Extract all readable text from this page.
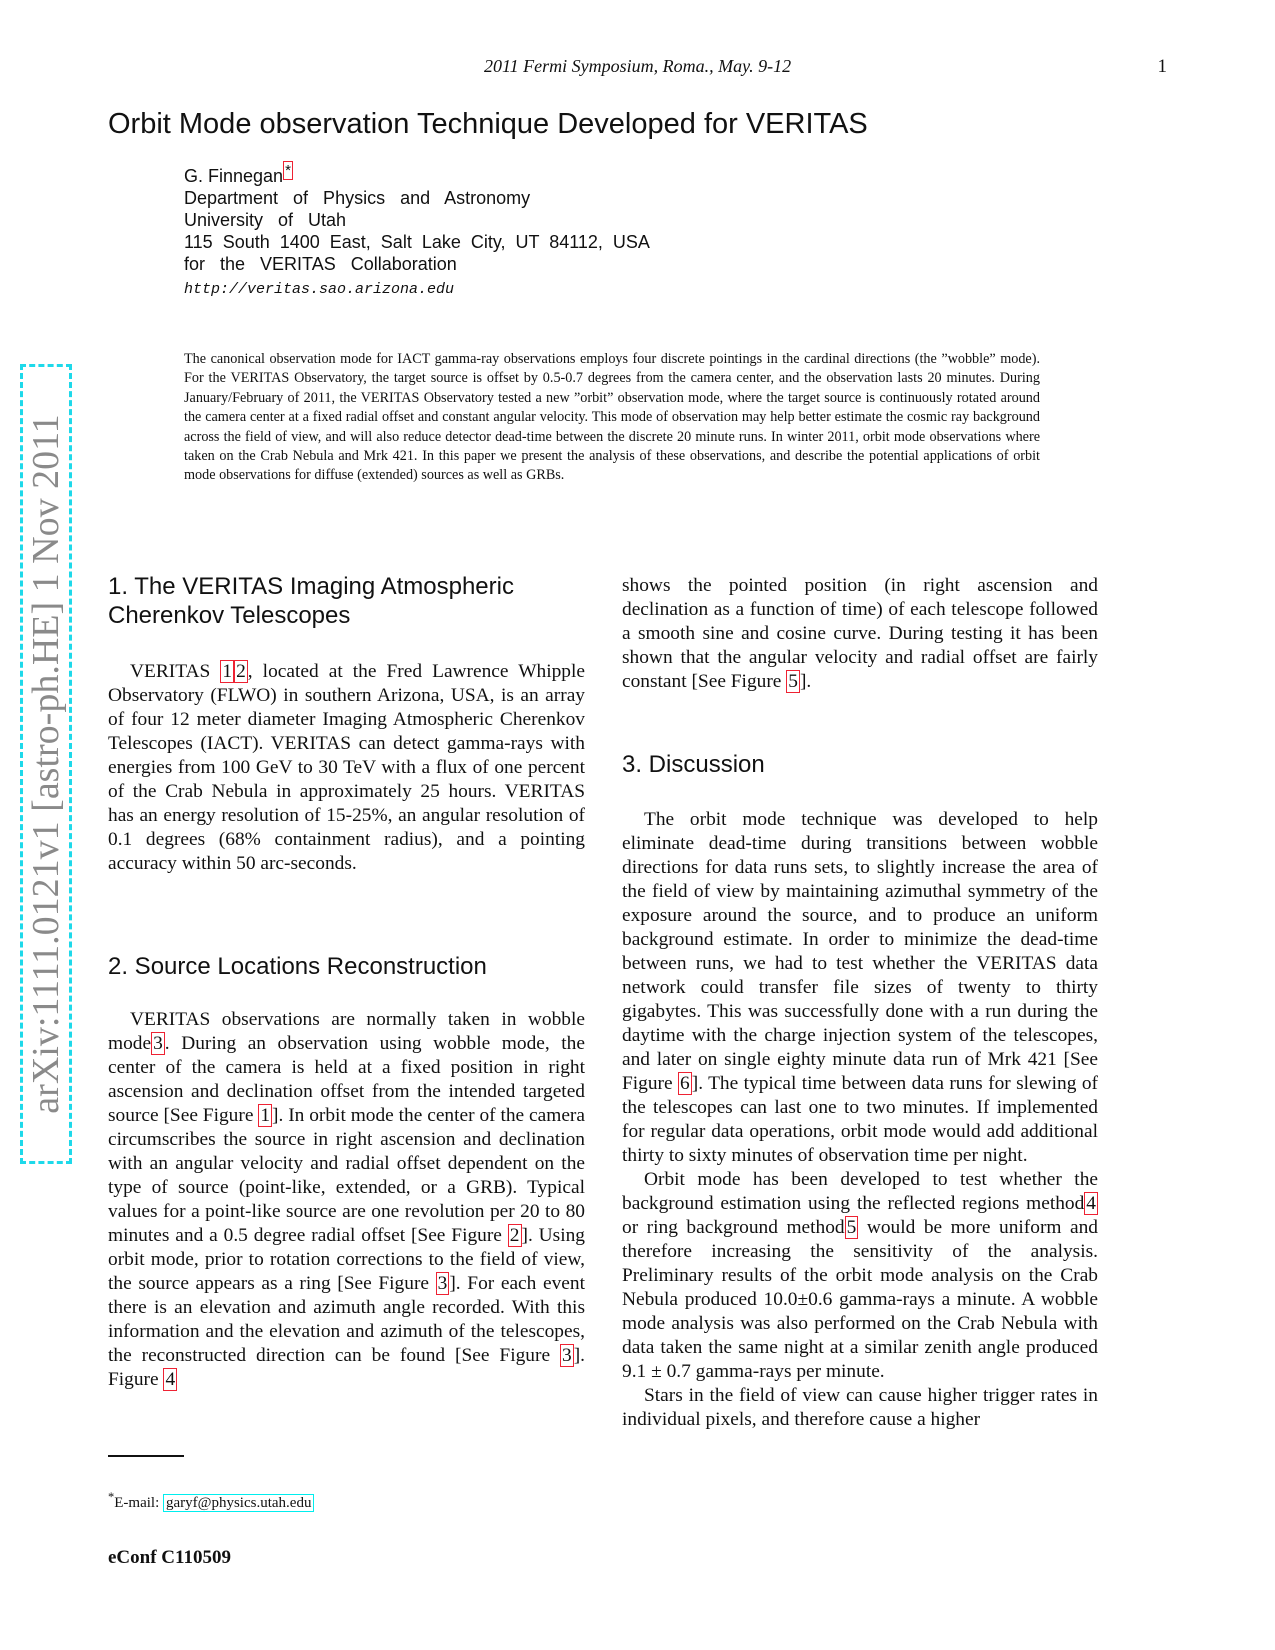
2011 Fermi Symposium, Roma., May. 9-12	1
Orbit Mode observation Technique Developed for VERITAS
G. Finnegan *
Department   of   Physics   and   Astronomy
University   of   Utah
115  South  1400  East,  Salt  Lake  City,  UT  84112,  USA
for   the   VERITAS   Collaboration
http://veritas.sao.arizona.edu
The canonical observation mode for IACT gamma-ray observations employs four discrete pointings in the cardinal directions (the ”wobble” mode). For the VERITAS Observatory, the target source is offset by 0.5-0.7 degrees from the camera center, and the observation lasts 20 minutes. During January/February of 2011, the VERITAS Observatory tested a new ”orbit” observation mode, where the target source is continuously rotated around the camera center at a fixed radial offset and constant angular velocity. This mode of observation may help better estimate the cosmic ray background across the field of view, and will also reduce detector dead-time between the discrete 20 minute runs. In winter 2011, orbit mode observations where taken on the Crab Nebula and Mrk 421. In this paper we present the analysis of these observations, and describe the potential applications of orbit mode observations for diffuse (extended) sources as well as GRBs.
arXiv:1111.0121v1 [astro-ph.HE] 1 Nov 2011 1. The VERITAS Imaging Atmospheric Cherenkov Telescopes

VERITAS 1 2 , located at the Fred Lawrence Whipple Observatory (FLWO) in southern Arizona, USA, is an array of four 12 meter diameter Imaging Atmospheric Cherenkov Telescopes (IACT). VERITAS can detect gamma-rays with energies from 100 GeV to 30 TeV with a flux of one percent of the Crab Nebula in approximately 25 hours. VERITAS has an energy resolution of 15-25%, an angular resolution of 0.1 degrees (68% containment radius), and a pointing accuracy within 50 arc-seconds.

2. Source Locations Reconstruction

VERITAS observations are normally taken in wobble mode 3 . During an observation using wobble mode, the center of the camera is held at a fixed position in right ascension and declination offset from the intended targeted source [See Figure 1 ]. In orbit mode the center of the camera circumscribes the source in right ascension and declination with an angular velocity and radial offset dependent on the type of source (point-like, extended, or a GRB). Typical values for a point-like source are one revolution per 20 to 80 minutes and a 0.5 degree radial offset [See Figure 2 ]. Using orbit mode, prior to rotation corrections to the field of view, the source appears as a ring [See Figure 3 ]. For each event there is an elevation and azimuth angle recorded. With this information and the elevation and azimuth of the telescopes, the reconstructed direction can be found [See Figure 3 ]. Figure 4

*E-mail: garyf@physics.utah.edu
eConf C110509

shows the pointed position (in right ascension and declination as a function of time) of each telescope followed a smooth sine and cosine curve. During testing it has been shown that the angular velocity and radial offset are fairly constant [See Figure 5 ].

3. Discussion

The orbit mode technique was developed to help eliminate dead-time during transitions between wobble directions for data runs sets, to slightly increase the area of the field of view by maintaining azimuthal symmetry of the exposure around the source, and to produce an uniform background estimate. In order to minimize the dead-time between runs, we had to test whether the VERITAS data network could transfer file sizes of twenty to thirty gigabytes. This was successfully done with a run during the daytime with the charge injection system of the telescopes, and later on single eighty minute data run of Mrk 421 [See Figure 6 ]. The typical time between data runs for slewing of the telescopes can last one to two minutes. If implemented for regular data operations, orbit mode would add additional thirty to sixty minutes of observation time per night.

Orbit mode has been developed to test whether the background estimation using the reflected regions method 4 or ring background method 5 would be more uniform and therefore increasing the sensitivity of the analysis. Preliminary results of the orbit mode analysis on the Crab Nebula produced 10.0±0.6 gamma-rays a minute. A wobble mode analysis was also performed on the Crab Nebula with data taken the same night at a similar zenith angle produced 9.1 ± 0.7 gamma-rays per minute.

Stars in the field of view can cause higher trigger rates in individual pixels, and therefore cause a higher
